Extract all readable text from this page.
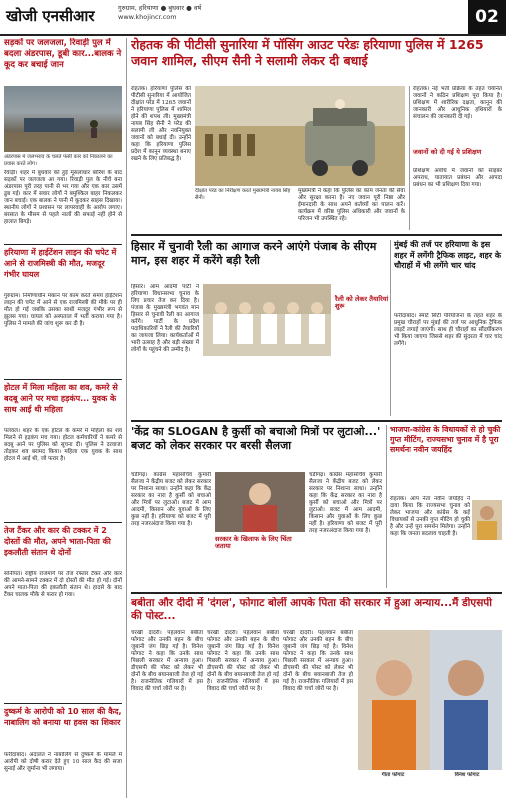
खोजी एनसीआर	गुरुग्राम, हरियाणा ● बुधवार ● वर्ष
www.khojincr.com	02
सड़कों पर जलजला, रिवाड़ी पुल में बदला अंडरपास, डूबी कार...बालक ने कूद कर बचाई जान
अंडरपास में जलभराव के चलते फंसी कार को निकालने का प्रयास करते लोग।
रेवाड़ी। शहर में बुधवार को हुई मूसलाधार बारिश के बाद सड़कों पर जलजला आ गया। रिवाड़ी पुल के नीचे बना अंडरपास पूरी तरह पानी से भर गया और एक कार उसमें डूब गई। कार में सवार लोगों ने बमुश्किल बाहर निकलकर जान बचाई। एक बालक ने पानी में कूदकर साहस दिखाया। स्थानीय लोगों ने प्रशासन पर लापरवाही के आरोप लगाए। बरसात के मौसम से पहले नालों की सफाई नहीं होने से हालात बिगड़े।
हरियाणा में हाईटेंशन लाइन की चपेट में आने से राजमिस्त्री की मौत, मजदूर गंभीर घायल
गुरुग्राम। निर्माणाधीन मकान पर काम करते समय हाईटेंशन लाइन की चपेट में आने से एक राजमिस्त्री की मौके पर ही मौत हो गई जबकि उसका साथी मजदूर गंभीर रूप से झुलस गया। घायल को अस्पताल में भर्ती कराया गया है। पुलिस ने मामले की जांच शुरू कर दी है।
होटल में मिला महिला का शव, कमरे से बदबू आने पर मचा हड़कंप... युवक के साथ आई थी महिला
पलवल। शहर के एक होटल के कमरे में महिला का शव मिलने से हड़कंप मच गया। होटल कर्मचारियों ने कमरे से बदबू आने पर पुलिस को सूचना दी। पुलिस ने दरवाजा तोड़कर शव बरामद किया। महिला एक युवक के साथ होटल में आई थी, जो फरार है।
तेज टैंकर और कार की टक्कर में 2 दोस्तों की मौत, अपने भाता-पिता की इकलौती संतान थे दोनों
सोनीपत। राष्ट्रीय राजमार्ग पर तेज रफ्तार टैंकर और कार की आमने-सामने टक्कर में दो दोस्तों की मौत हो गई। दोनों अपने माता-पिता की इकलौती संतान थे। हादसे के बाद टैंकर चालक मौके से फरार हो गया।
दुष्कर्म के आरोपी को 10 साल की कैद, नाबालिग को बनाया था हवस का शिकार
फरीदाबाद। अदालत ने नाबालिग से दुष्कर्म के मामले में आरोपी को दोषी करार देते हुए 10 साल कैद की सजा सुनाई और जुर्माना भी लगाया।
रोहतक की पीटीसी सुनारिया में पॉसिंग आउट परेडः हरियाणा पुलिस में 1265 जवान शामिल, सीएम सैनी ने सलामी लेकर दी बधाई
रोहतक। हरियाणा पुलिस की पीटीसी सुनारिया में आयोजित दीक्षांत परेड में 1265 जवानों ने हरियाणा पुलिस में शामिल होने की शपथ ली। मुख्यमंत्री नायब सिंह सैनी ने परेड की सलामी ली और नवनियुक्त जवानों को बधाई दी। उन्होंने कहा कि हरियाणा पुलिस प्रदेश में कानून व्यवस्था बनाए रखने के लिए प्रतिबद्ध है।
दीक्षांत परेड का निरीक्षण करते मुख्यमंत्री नायब सिंह सैनी।
मुख्यमंत्री ने कहा कि पुलिस का काम जनता की सेवा और सुरक्षा करना है। नए जवान पूरी निष्ठा और ईमानदारी के साथ अपने कर्तव्यों का पालन करें। कार्यक्रम में वरिष्ठ पुलिस अधिकारी और जवानों के परिजन भी उपस्थित रहे।
रोहतक। नई भर्ती प्रक्रिया के तहत चयनित जवानों ने कठिन प्रशिक्षण पूरा किया है। प्रशिक्षण में शारीरिक दक्षता, कानून की जानकारी और आधुनिक हथियारों के संचालन की जानकारी दी गई।
जवानों को दी गई ये प्रशिक्षण
प्रशिक्षण अवधि में जवानों को साइबर अपराध, यातायात प्रबंधन और आपदा प्रबंधन का भी प्रशिक्षण दिया गया।
हिसार में चुनावी रैली का आगाज करने आएंगे पंजाब के सीएम मान, इस शहर में करेंगे बड़ी रैली
हिसार। आम आदमी पार्टी ने हरियाणा विधानसभा चुनाव के लिए प्रचार तेज कर दिया है। पंजाब के मुख्यमंत्री भगवंत मान हिसार से चुनावी रैली का आगाज करेंगे। पार्टी के प्रदेश पदाधिकारियों ने रैली की तैयारियों का जायजा लिया। कार्यकर्ताओं में भारी उत्साह है और बड़ी संख्या में लोगों के पहुंचने की उम्मीद है।
रैली को लेकर तैयारियां शुरू
मुंबई की तर्ज पर हरियाणा के इस शहर में लगेंगी ट्रैफिक लाइट, शहर के चौराहों में भी लगेंगे चार चांद
फरीदाबाद। स्मार्ट सिटी परियोजना के तहत शहर के प्रमुख चौराहों पर मुंबई की तर्ज पर आधुनिक ट्रैफिक लाइटें लगाई जाएंगी। साथ ही चौराहों का सौंदर्यीकरण भी किया जाएगा जिससे शहर की सुंदरता में चार चांद लगेंगे।
'केंद्र का SLOGAN है कुर्सी को बचाओ मित्रों पर लुटाओ...' बजट को लेकर सरकार पर बरसी सैलजा
चंडीगढ़। कांग्रेस महासचिव कुमारी सैलजा ने केंद्रीय बजट को लेकर सरकार पर निशाना साधा। उन्होंने कहा कि केंद्र सरकार का नारा है कुर्सी को बचाओ और मित्रों पर लुटाओ। बजट में आम आदमी, किसान और युवाओं के लिए कुछ नहीं है। हरियाणा को बजट में पूरी तरह नजरअंदाज किया गया है।
सरकार के खिलाफ के लिए चिंता जताया
चंडीगढ़। कांग्रेस महासचिव कुमारी सैलजा ने केंद्रीय बजट को लेकर सरकार पर निशाना साधा। उन्होंने कहा कि केंद्र सरकार का नारा है कुर्सी को बचाओ और मित्रों पर लुटाओ। बजट में आम आदमी, किसान और युवाओं के लिए कुछ नहीं है। हरियाणा को बजट में पूरी तरह नजरअंदाज किया गया है।
भाजपा-कांग्रेस के विधायकों से हो चुकी गुप्त मीटिंग, राज्यसभा चुनाव में है पूरा समर्थनः नवीन जयहिंद
रोहतक। आप नेता नवीन जयहिंद ने दावा किया कि राज्यसभा चुनाव को लेकर भाजपा और कांग्रेस के कई विधायकों से उनकी गुप्त मीटिंग हो चुकी है और उन्हें पूरा समर्थन मिलेगा। उन्होंने कहा कि जनता बदलाव चाहती है।
बबीता और दीदी में 'दंगल', फोगाट बोलीं आपके पिता की सरकार में हुआ अन्याय...मैं डीएसपी की पोस्ट...
चरखी दादरी। पहलवान बबीता फोगाट और उनकी बहन के बीच जुबानी जंग छिड़ गई है। विनेश फोगाट ने कहा कि उनके साथ पिछली सरकार में अन्याय हुआ। डीएसपी की पोस्ट को लेकर भी दोनों के बीच बयानबाजी तेज हो गई है। राजनीतिक गलियारों में इस विवाद की चर्चा जोरों पर है।
चरखी दादरी। पहलवान बबीता फोगाट और उनकी बहन के बीच जुबानी जंग छिड़ गई है। विनेश फोगाट ने कहा कि उनके साथ पिछली सरकार में अन्याय हुआ। डीएसपी की पोस्ट को लेकर भी दोनों के बीच बयानबाजी तेज हो गई है। राजनीतिक गलियारों में इस विवाद की चर्चा जोरों पर है।
चरखी दादरी। पहलवान बबीता फोगाट और उनकी बहन के बीच जुबानी जंग छिड़ गई है। विनेश फोगाट ने कहा कि उनके साथ पिछली सरकार में अन्याय हुआ। डीएसपी की पोस्ट को लेकर भी दोनों के बीच बयानबाजी तेज हो गई है। राजनीतिक गलियारों में इस विवाद की चर्चा जोरों पर है।
गीता फोगाट	विनेश फोगाट
